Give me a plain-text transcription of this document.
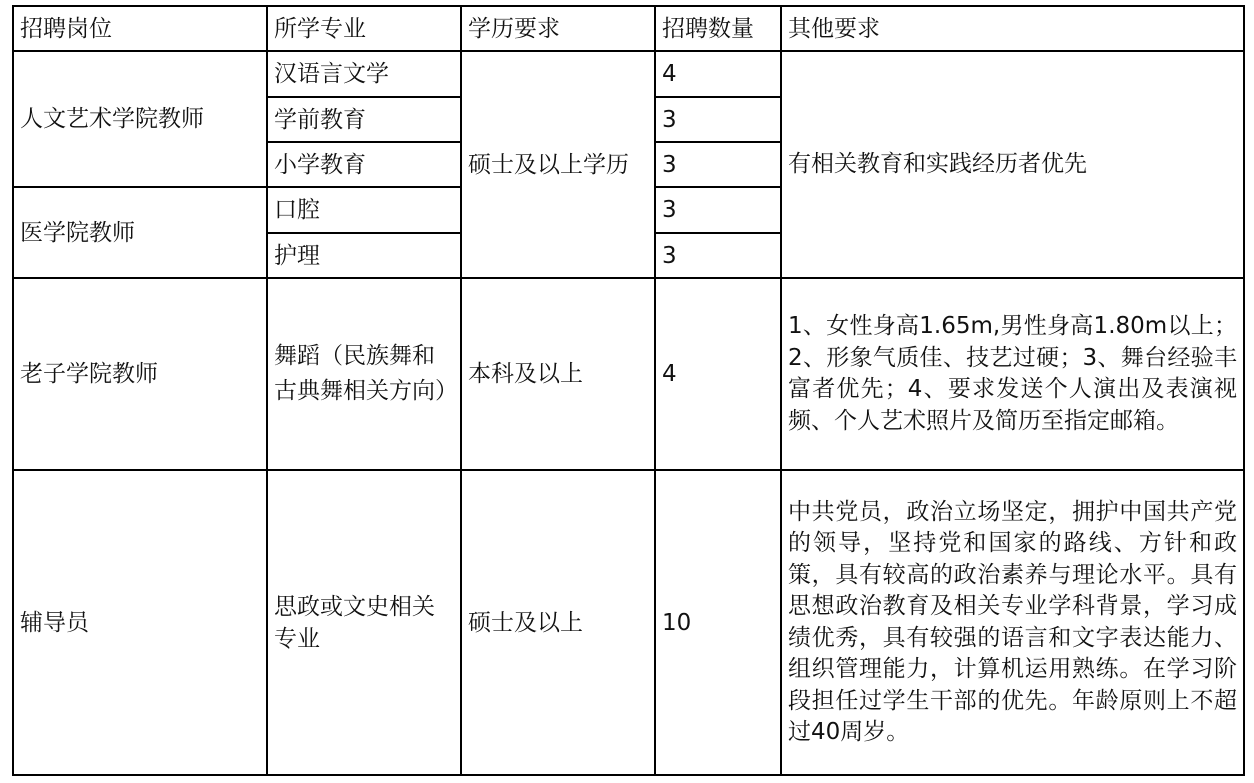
招聘岗位	所学专业	学历要求	招聘数量	其他要求
人文艺术学院教师	汉语言文学	硕士及以上学历	4	有相关教育和实践经历者优先
	学前教育		3	
	小学教育		3	
医学院教师	口腔		3	
	护理		3	
老子学院教师	舞蹈（民族舞和古典舞相关方向）	本科及以上	4	1、女性身高1.65m,男性身高1.80m以上；2、形象气质佳、技艺过硬；3、舞台经验丰富者优先；4、要求发送个人演出及表演视频、个人艺术照片及简历至指定邮箱。
辅导员	思政或文史相关专业	硕士及以上	10	中共党员，政治立场坚定，拥护中国共产党的领导，坚持党和国家的路线、方针和政策，具有较高的政治素养与理论水平。具有思想政治教育及相关专业学科背景，学习成绩优秀，具有较强的语言和文字表达能力、组织管理能力，计算机运用熟练。在学习阶段担任过学生干部的优先。年龄原则上不超过40周岁。
